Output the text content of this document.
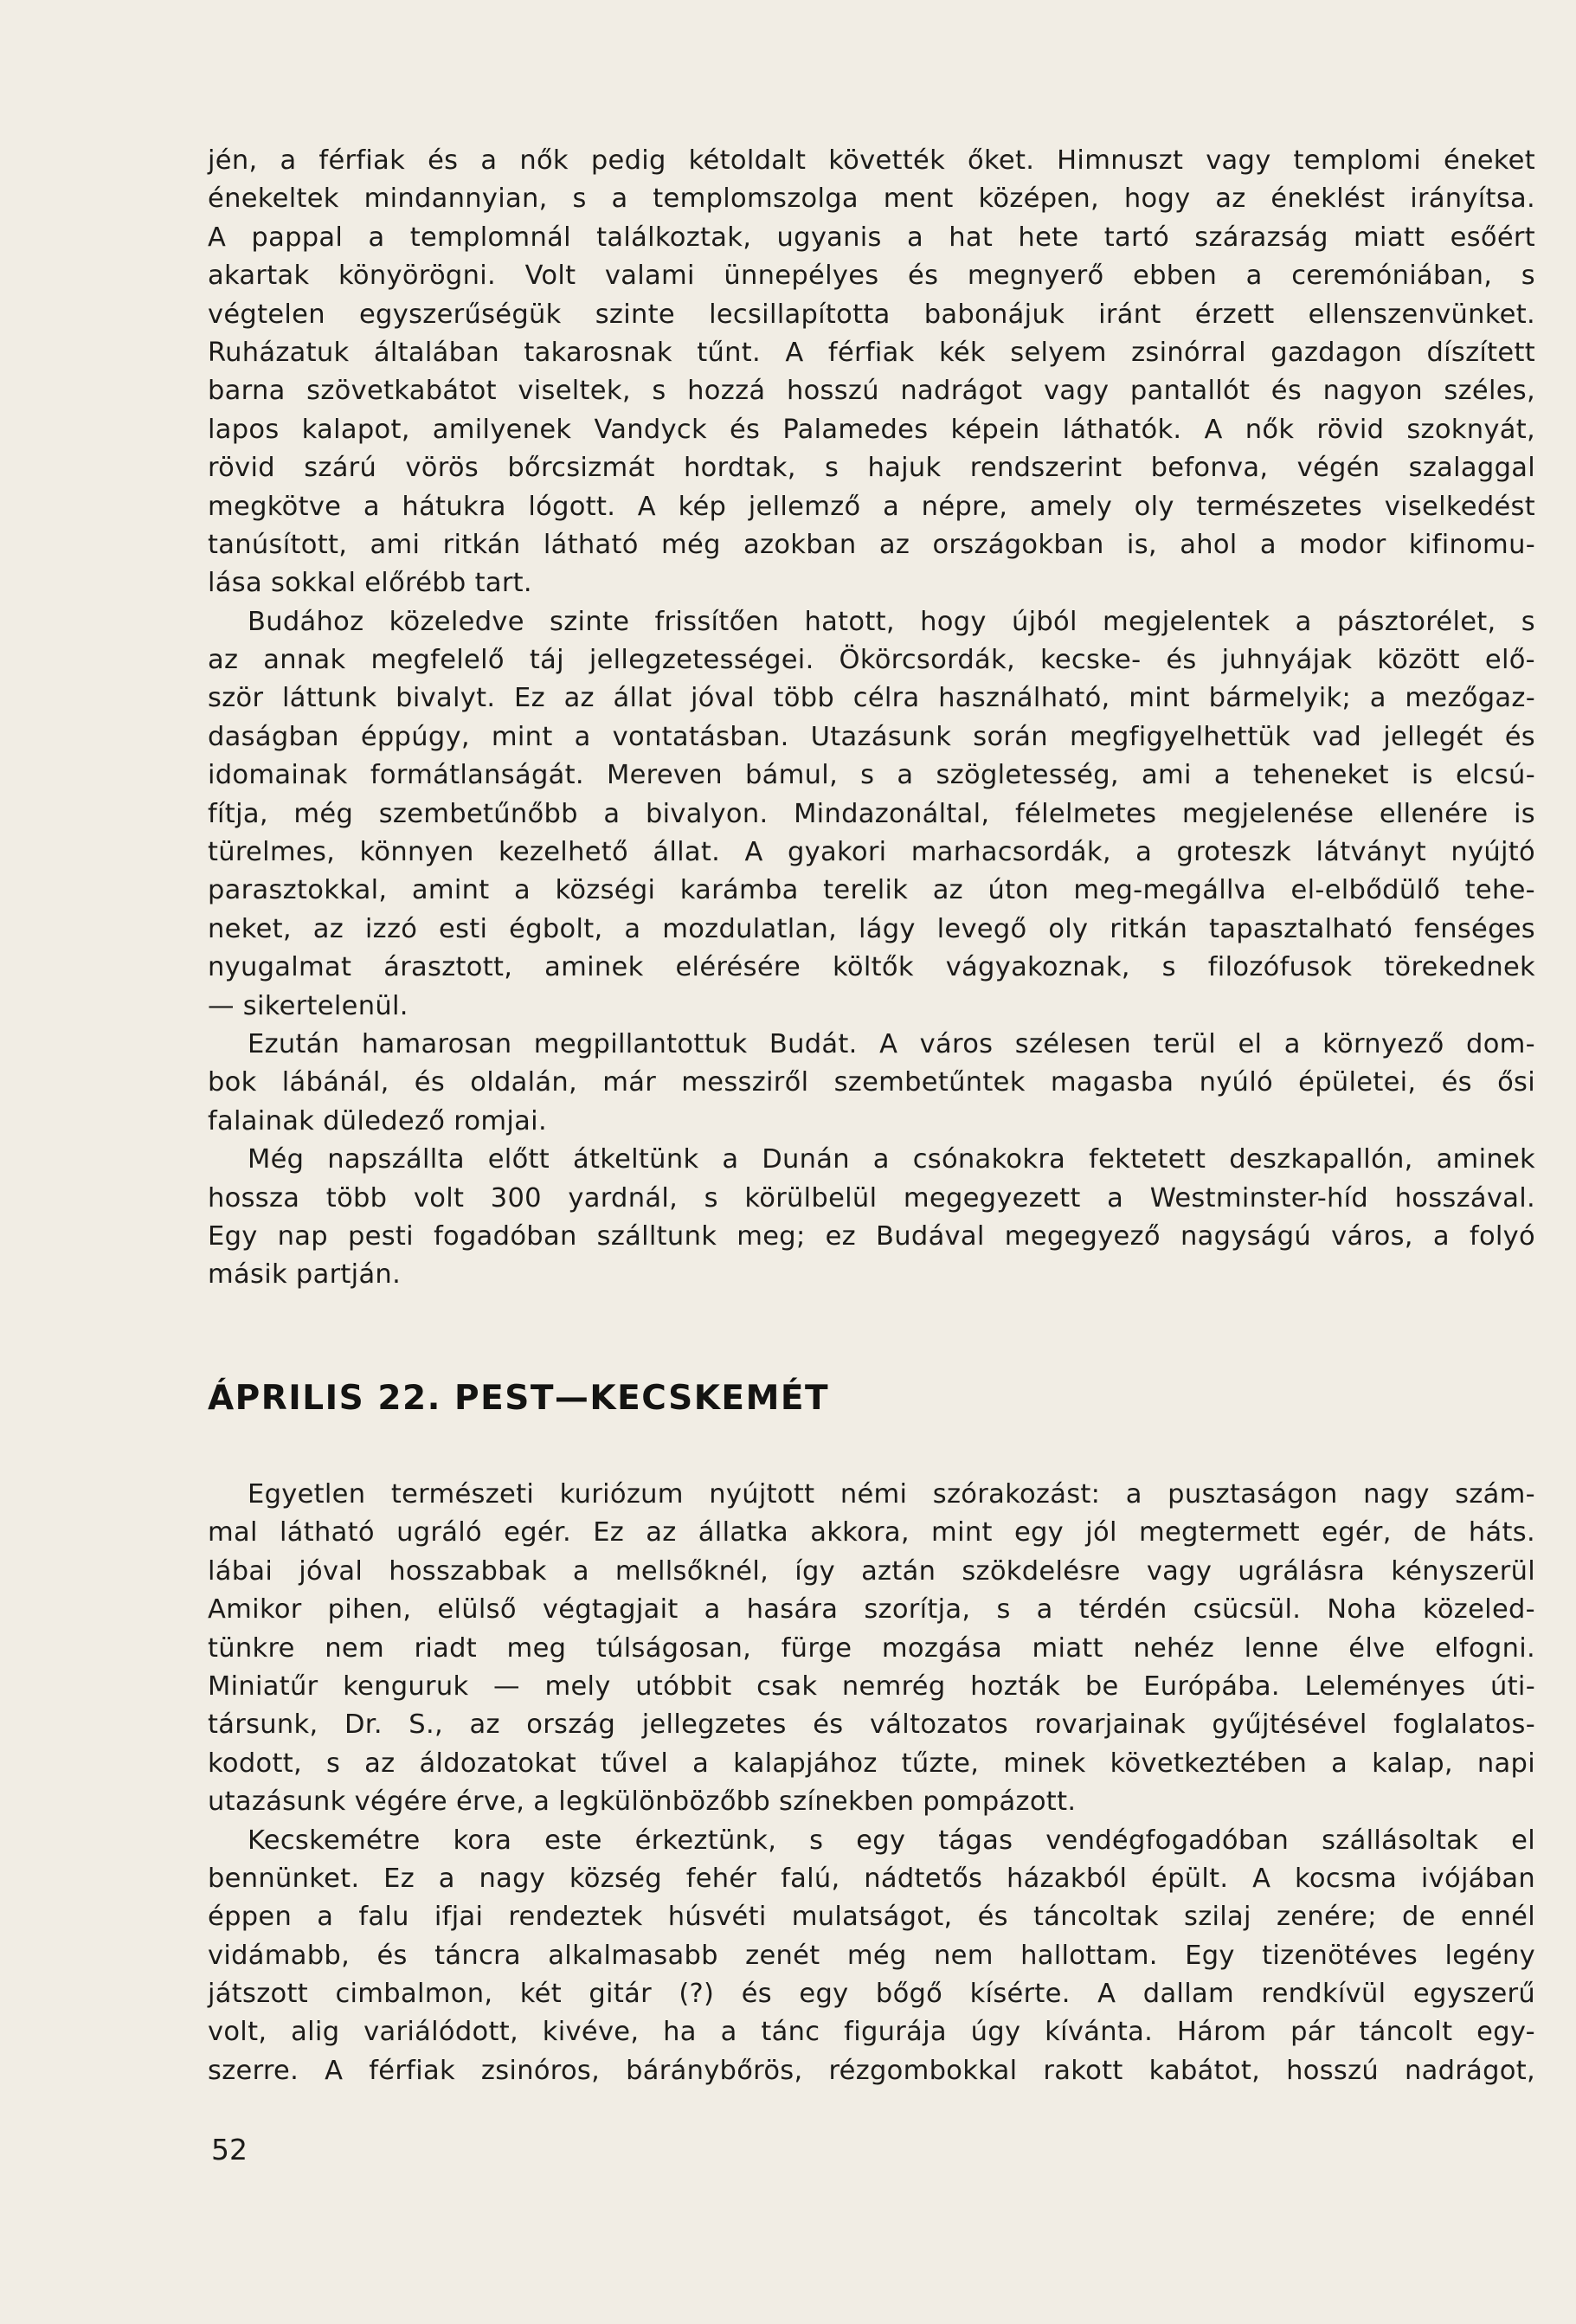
jén, a férfiak és a nők pedig kétoldalt követték őket. Himnuszt vagy templomi éneket
énekeltek mindannyian, s a templomszolga ment középen, hogy az éneklést irányítsa.
A pappal a templomnál találkoztak, ugyanis a hat hete tartó szárazság miatt esőért
akartak könyörögni. Volt valami ünnepélyes és megnyerő ebben a ceremóniában, s
végtelen egyszerűségük szinte lecsillapította babonájuk iránt érzett ellenszenvünket.
Ruházatuk általában takarosnak tűnt. A férfiak kék selyem zsinórral gazdagon díszített
barna szövetkabátot viseltek, s hozzá hosszú nadrágot vagy pantallót és nagyon széles,
lapos kalapot, amilyenek Vandyck és Palamedes képein láthatók. A nők rövid szoknyát,
rövid szárú vörös bőrcsizmát hordtak, s hajuk rendszerint befonva, végén szalaggal
megkötve a hátukra lógott. A kép jellemző a népre, amely oly természetes viselkedést
tanúsított, ami ritkán látható még azokban az országokban is, ahol a modor kifinomu-
lása sokkal előrébb tart.
Budához közeledve szinte frissítően hatott, hogy újból megjelentek a pásztorélet, s
az annak megfelelő táj jellegzetességei. Ökörcsordák, kecske- és juhnyájak között elő-
ször láttunk bivalyt. Ez az állat jóval több célra használható, mint bármelyik; a mezőgaz-
daságban éppúgy, mint a vontatásban. Utazásunk során megfigyelhettük vad jellegét és
idomainak formátlanságát. Mereven bámul, s a szögletesség, ami a teheneket is elcsú-
fítja, még szembetűnőbb a bivalyon. Mindazonáltal, félelmetes megjelenése ellenére is
türelmes, könnyen kezelhető állat. A gyakori marhacsordák, a groteszk látványt nyújtó
parasztokkal, amint a községi karámba terelik az úton meg-megállva el-elbődülő tehe-
neket, az izzó esti égbolt, a mozdulatlan, lágy levegő oly ritkán tapasztalható fenséges
nyugalmat árasztott, aminek elérésére költők vágyakoznak, s filozófusok törekednek
— sikertelenül.
Ezután hamarosan megpillantottuk Budát. A város szélesen terül el a környező dom-
bok lábánál, és oldalán, már messziről szembetűntek magasba nyúló épületei, és ősi
falainak düledező romjai.
Még napszállta előtt átkeltünk a Dunán a csónakokra fektetett deszkapallón, aminek
hossza több volt 300 yardnál, s körülbelül megegyezett a Westminster-híd hosszával.
Egy nap pesti fogadóban szálltunk meg; ez Budával megegyező nagyságú város, a folyó
másik partján.
ÁPRILIS 22. PEST—KECSKEMÉT
Egyetlen természeti kuriózum nyújtott némi szórakozást: a pusztaságon nagy szám-
mal látható ugráló egér. Ez az állatka akkora, mint egy jól megtermett egér, de háts.
lábai jóval hosszabbak a mellsőknél, így aztán szökdelésre vagy ugrálásra kényszerül
Amikor pihen, elülső végtagjait a hasára szorítja, s a térdén csücsül. Noha közeled-
tünkre nem riadt meg túlságosan, fürge mozgása miatt nehéz lenne élve elfogni.
Miniatűr kenguruk — mely utóbbit csak nemrég hozták be Európába. Leleményes úti-
társunk, Dr. S., az ország jellegzetes és változatos rovarjainak gyűjtésével foglalatos-
kodott, s az áldozatokat tűvel a kalapjához tűzte, minek következtében a kalap, napi
utazásunk végére érve, a legkülönbözőbb színekben pompázott.
Kecskemétre kora este érkeztünk, s egy tágas vendégfogadóban szállásoltak el
bennünket. Ez a nagy község fehér falú, nádtetős házakból épült. A kocsma ivójában
éppen a falu ifjai rendeztek húsvéti mulatságot, és táncoltak szilaj zenére; de ennél
vidámabb, és táncra alkalmasabb zenét még nem hallottam. Egy tizenötéves legény
játszott cimbalmon, két gitár (?) és egy bőgő kísérte. A dallam rendkívül egyszerű
volt, alig variálódott, kivéve, ha a tánc figurája úgy kívánta. Három pár táncolt egy-
szerre. A férfiak zsinóros, báránybőrös, rézgombokkal rakott kabátot, hosszú nadrágot,
52
